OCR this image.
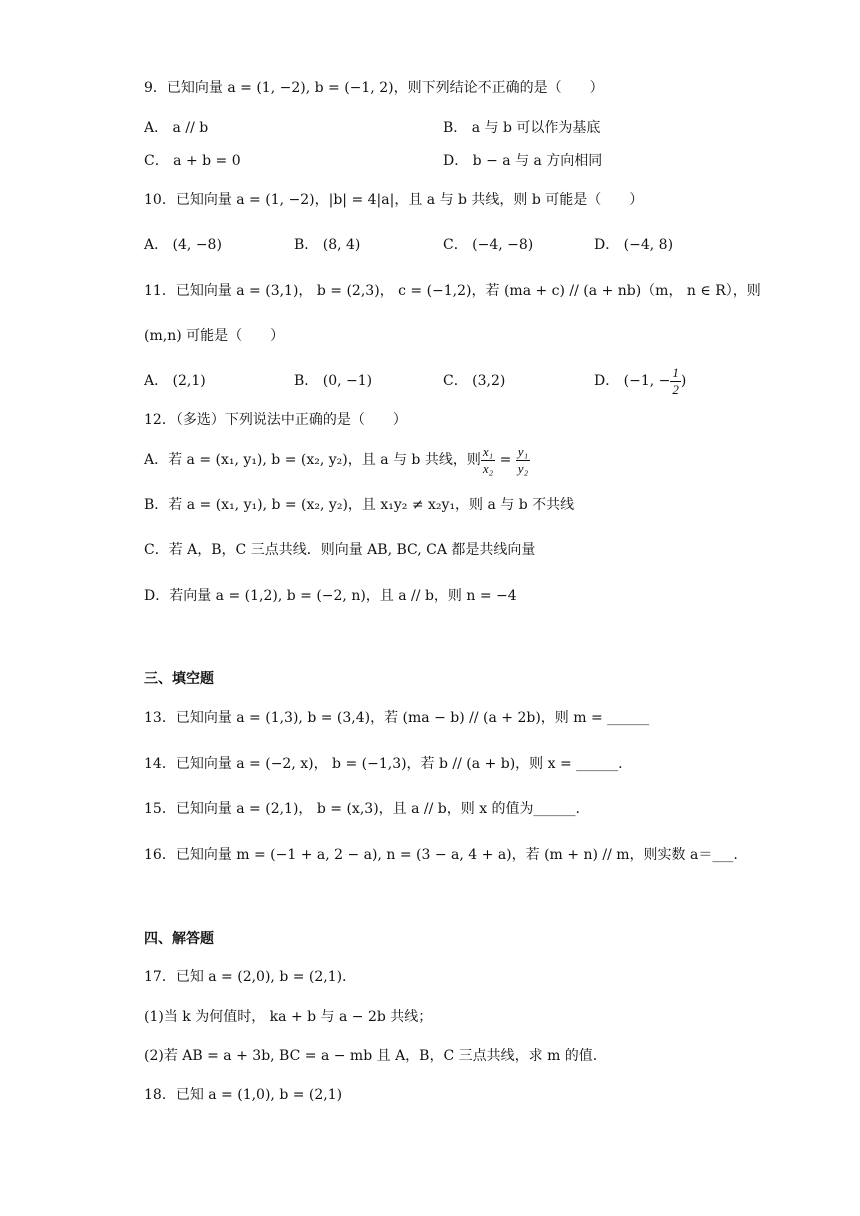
9．已知向量 a = (1, −2), b = (−1, 2)，则下列结论不正确的是（　　）
A． a // b	B． a 与 b 可以作为基底
C． a + b = 0	D． b − a 与 a 方向相同
10．已知向量 a = (1, −2)，|b| = 4|a|，且 a 与 b 共线，则 b 可能是（　　）
A． (4, −8)	B． (8, 4)	C． (−4, −8)	D． (−4, 8)
11．已知向量 a = (3,1)， b = (2,3)， c = (−1,2)，若 (ma + c) // (a + nb)（m， n ∈ R），则
(m,n) 可能是（　　）
A． (2,1)	B． (0, −1)	C． (3,2)	D． (−1, − $\frac{1}{2}$ )
12．（多选）下列说法中正确的是（　　）
A．若 a = (x₁, y₁), b = (x₂, y₂)，且 a 与 b 共线，则 $\frac{\text{x₁}}{\text{x₂}} = \frac{\text{y₁}}{\text{y₂}}$
B．若 a = (x₁, y₁), b = (x₂, y₂)，且 x₁y₂ ≠ x₂y₁，则 a 与 b 不共线
C．若 A，B，C 三点共线．则向量 AB, BC, CA 都是共线向量
D．若向量 a = (1,2), b = (−2, n)，且 a // b，则 n = −4
三、填空题
13．已知向量 a = (1,3), b = (3,4)，若 (ma − b) // (a + 2b)，则 m = ______
14．已知向量 a = (−2, x)， b = (−1,3)，若 b // (a + b)，则 x = ______.
15．已知向量 a = (2,1)， b = (x,3)，且 a // b，则 x 的值为______.
16．已知向量 m = (−1 + a, 2 − a), n = (3 − a, 4 + a)，若 (m + n) // m，则实数 a＝___.
四、解答题
17．已知 a = (2,0), b = (2,1)．
(1)当 k 为何值时， ka + b 与 a − 2b 共线；
(2)若 AB = a + 3b, BC = a − mb 且 A，B，C 三点共线，求 m 的值．
18．已知 a = (1,0), b = (2,1)
